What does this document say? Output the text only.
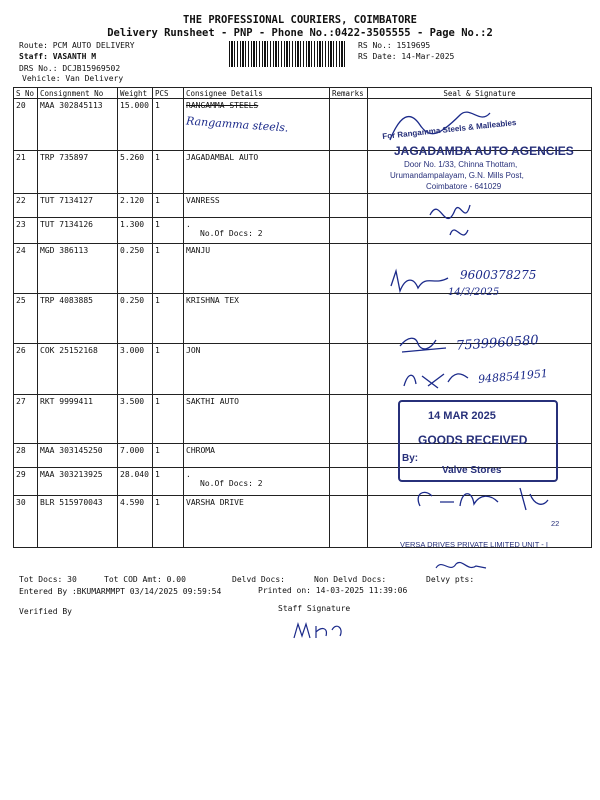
THE PROFESSIONAL COURIERS, COIMBATORE
Delivery Runsheet - PNP - Phone No.:0422-3505555 - Page No.:2
Route: PCM AUTO DELIVERY
Staff: VASANTH M
DRS No.: DCJB15969502
Vehicle: Van Delivery
RS No.: 1519695
RS Date: 14-Mar-2025
S No	Consignment No	Weight	PCS	Consignee Details	Remarks	Seal & Signature

20	MAA 302845113	15.000	1	RANGAMMA STEELS		

21	TRP 735897	5.260	1	JAGADAMBAL AUTO		

22	TUT 7134127	2.120	1	VANRESS		

23	TUT 7134126	1.300	1	.
No.Of Docs: 2		

24	MGD 386113	0.250	1	MANJU		

25	TRP 4083885	0.250	1	KRISHNA TEX		

26	COK 25152168	3.000	1	JON		

27	RKT 9999411	3.500	1	SAKTHI AUTO		

28	MAA 303145250	7.000	1	CHROMA		

29	MAA 303213925	28.040	1	.
No.Of Docs: 2		

30	BLR 515970043	4.590	1	VARSHA DRIVE		

Rangamma steels.	For Rangamma Steels & Malleables
JAGADAMBA AUTO AGENCIES
Door No. 1/33, Chinna Thottam,
Urumandampalayam, G.N. Mills Post,
Coimbatore - 641029
9600378275
14/3/2025
7539960580
9488541951
14 MAR 2025
GOODS RECEIVED
By:
Valve Stores
VERSA DRIVES PRIVATE LIMITED UNIT - I
22
Tot Docs: 30	Tot COD Amt: 0.00	Delvd Docs:	Non Delvd Docs:	Delvy pts:
Entered By :BKUMARMMPT 03/14/2025 09:59:54	Printed on: 14-03-2025 11:39:06
Verified By	Staff Signature
